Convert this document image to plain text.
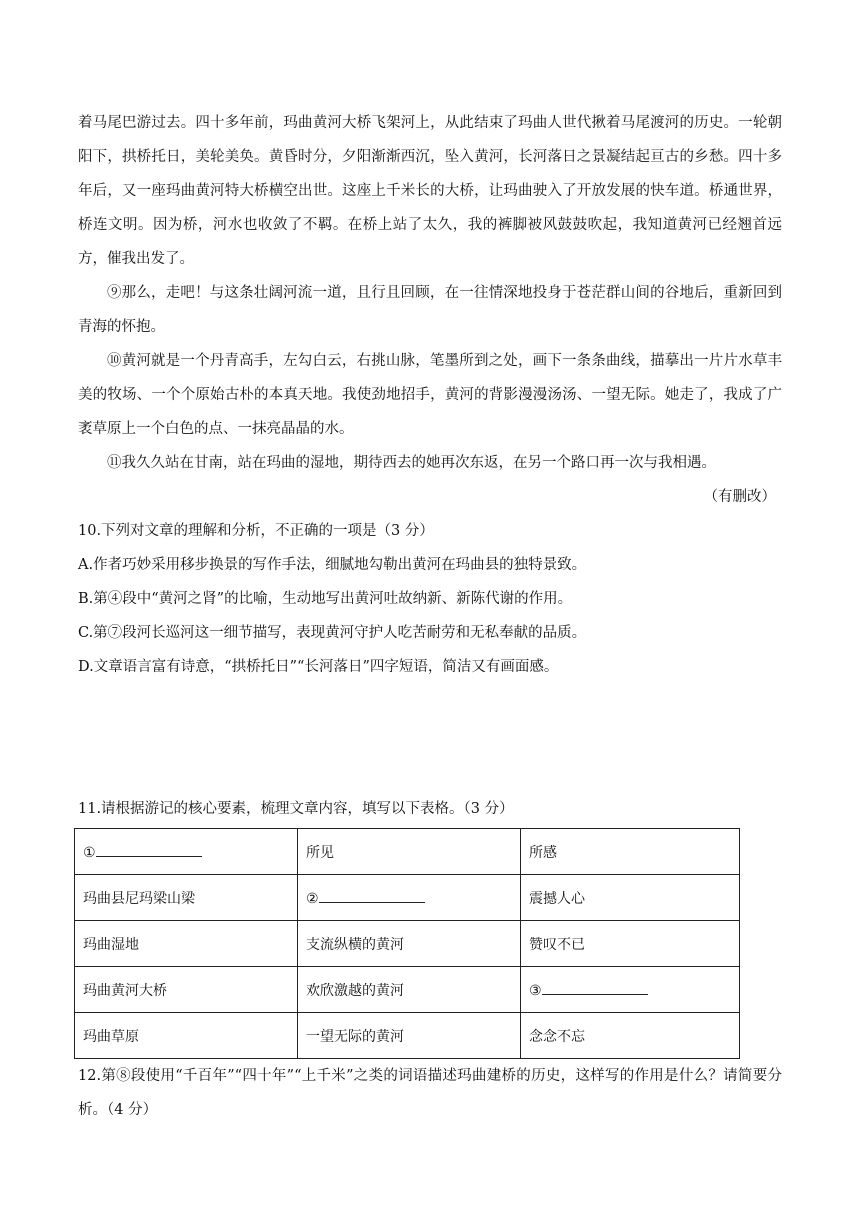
着马尾巴游过去。四十多年前，玛曲黄河大桥飞架河上，从此结束了玛曲人世代揪着马尾渡河的历史。一轮朝阳下，拱桥托日，美轮美奂。黄昏时分，夕阳渐渐西沉，坠入黄河，长河落日之景凝结起亘古的乡愁。四十多年后，又一座玛曲黄河特大桥横空出世。这座上千米长的大桥，让玛曲驶入了开放发展的快车道。桥通世界，桥连文明。因为桥，河水也收敛了不羁。在桥上站了太久，我的裤脚被风鼓鼓吹起，我知道黄河已经翘首远方，催我出发了。

⑨那么，走吧！与这条壮阔河流一道，且行且回顾，在一往情深地投身于苍茫群山间的谷地后，重新回到青海的怀抱。

⑩黄河就是一个丹青高手，左勾白云，右挑山脉，笔墨所到之处，画下一条条曲线，描摹出一片片水草丰美的牧场、一个个原始古朴的本真天地。我使劲地招手，黄河的背影漫漫汤汤、一望无际。她走了，我成了广袤草原上一个白色的点、一抹亮晶晶的水。

⑪我久久站在甘南，站在玛曲的湿地，期待西去的她再次东返，在另一个路口再一次与我相遇。

（有删改）

10.下列对文章的理解和分析，不正确的一项是（3 分）

A.作者巧妙采用移步换景的写作手法，细腻地勾勒出黄河在玛曲县的独特景致。

B.第④段中“黄河之肾”的比喻，生动地写出黄河吐故纳新、新陈代谢的作用。

C.第⑦段河长巡河这一细节描写，表现黄河守护人吃苦耐劳和无私奉献的品质。

D.文章语言富有诗意，“拱桥托日”“长河落日”四字短语，简洁又有画面感。

11.请根据游记的核心要素，梳理文章内容，填写以下表格。（3 分）

①	所见	所感
玛曲县尼玛梁山梁	②	震撼人心
玛曲湿地	支流纵横的黄河	赞叹不已
玛曲黄河大桥	欢欣激越的黄河	③
玛曲草原	一望无际的黄河	念念不忘

12.第⑧段使用“千百年”“四十年”“上千米”之类的词语描述玛曲建桥的历史，这样写的作用是什么？请简要分析。（4 分）
